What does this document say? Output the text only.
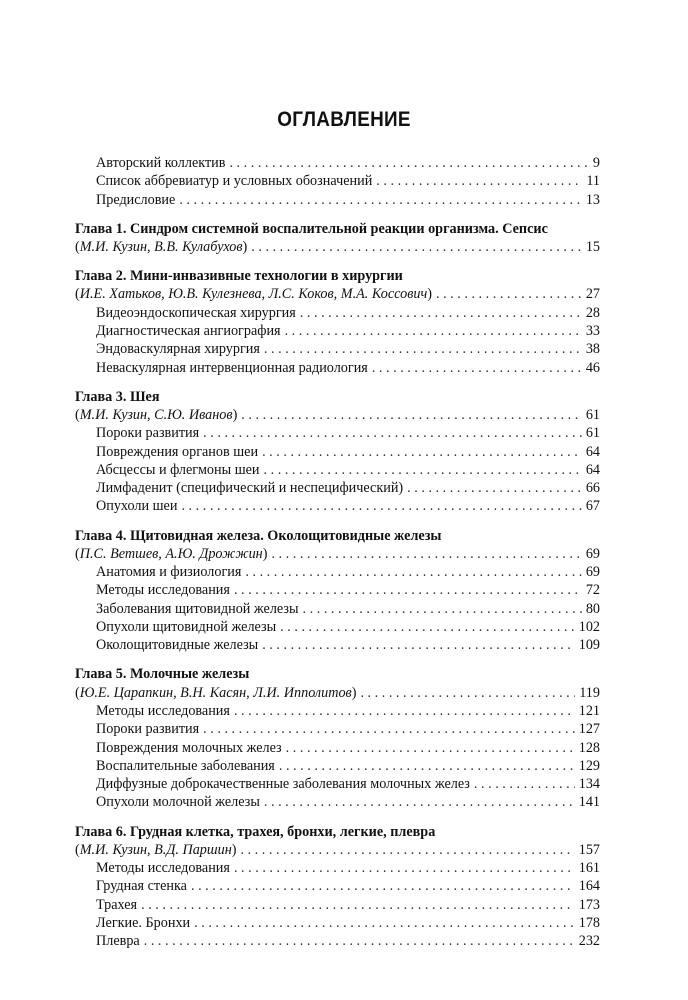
ОГЛАВЛЕНИЕ
Авторский коллектив . . .	9
Список аббревиатур и условных обозначений . . .	11
Предисловие . . .	13
Глава 1. Синдром системной воспалительной реакции организма. Сепсис
(М.И. Кузин, В.В. Кулабухов) . . .	15
Глава 2. Мини-инвазивные технологии в хирургии
(И.Е. Хатьков, Ю.В. Кулезнева, Л.С. Коков, М.А. Коссович) . . .	27
Видеоэндоскопическая хирургия . . .	28
Диагностическая ангиография . . .	33
Эндоваскулярная хирургия . . .	38
Неваскулярная интервенционная радиология . . .	46
Глава 3. Шея
(М.И. Кузин, С.Ю. Иванов) . . .	61
Пороки развития . . .	61
Повреждения органов шеи . . .	64
Абсцессы и флегмоны шеи . . .	64
Лимфаденит (специфический и неспецифический) . . .	66
Опухоли шеи . . .	67
Глава 4. Щитовидная железа. Околощитовидные железы
(П.С. Ветшев, А.Ю. Дрожжин) . . .	69
Анатомия и физиология . . .	69
Методы исследования . . .	72
Заболевания щитовидной железы . . .	80
Опухоли щитовидной железы . . .	102
Околощитовидные железы . . .	109
Глава 5. Молочные железы
(Ю.Е. Царапкин, В.Н. Касян, Л.И. Ипполитов) . . .	119
Методы исследования . . .	121
Пороки развития . . .	127
Повреждения молочных желез . . .	128
Воспалительные заболевания . . .	129
Диффузные доброкачественные заболевания молочных желез . . .	134
Опухоли молочной железы . . .	141
Глава 6. Грудная клетка, трахея, бронхи, легкие, плевра
(М.И. Кузин, В.Д. Паршин) . . .	157
Методы исследования . . .	161
Грудная стенка . . .	164
Трахея . . .	173
Легкие. Бронхи . . .	178
Плевра . . .	232
